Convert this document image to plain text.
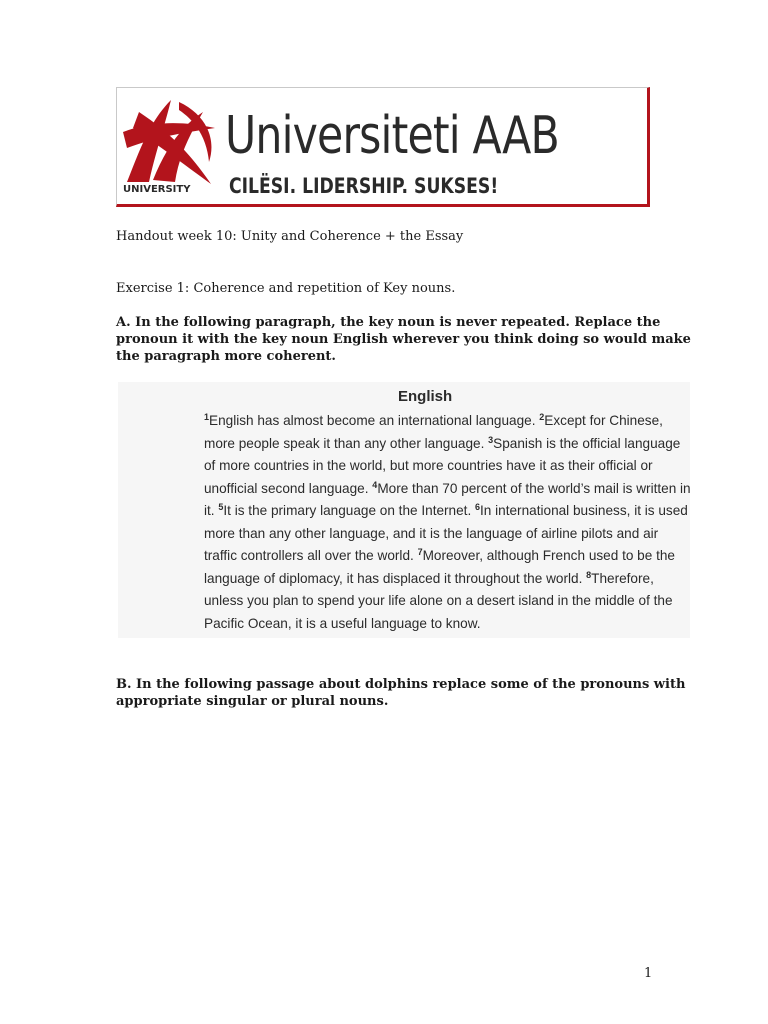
UNIVERSITY
Universiteti AAB
CILËSI. LIDERSHIP. SUKSES!
Handout week 10: Unity and Coherence + the Essay
Exercise 1: Coherence and repetition of Key nouns.
A. In the following paragraph, the key noun is never repeated. Replace the
pronoun it with the key noun English wherever you think doing so would make
the paragraph more coherent.
English
$^1$English has almost become an international language. $^2$Except for Chinese, more people speak it than any other language. $^3$Spanish is the official language of more countries in the world, but more countries have it as their official or unofficial second language. $^4$More than 70 percent of the world’s mail is written in it. $^5$It is the primary language on the Internet. $^6$In international business, it is used more than any other language, and it is the language of airline pilots and air traffic controllers all over the world. $^7$Moreover, although French used to be the language of diplomacy, it has displaced it throughout the world. $^8$Therefore, unless you plan to spend your life alone on a desert island in the middle of the Pacific Ocean, it is a useful language to know.
B. In the following passage about dolphins replace some of the pronouns with
appropriate singular or plural nouns.
1
